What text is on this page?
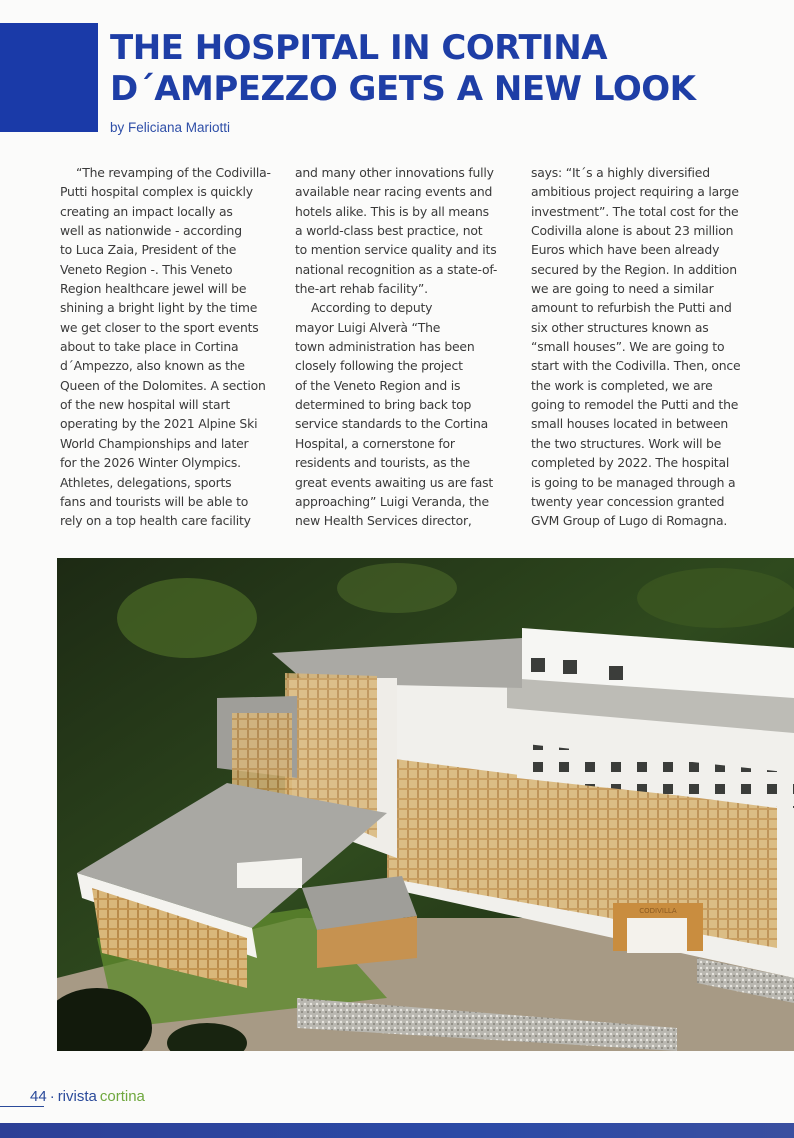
THE HOSPITAL IN CORTINA
D´AMPEZZO GETS A NEW LOOK
by Feliciana Mariotti

“The revamping of the Codivilla-
Putti hospital complex is quickly
creating an impact locally as
well as nationwide - according
to Luca Zaia, President of the
Veneto Region -. This Veneto
Region healthcare jewel will be
shining a bright light by the time
we get closer to the sport events
about to take place in Cortina
d´Ampezzo, also known as the
Queen of the Dolomites. A section
of the new hospital will start
operating by the 2021 Alpine Ski
World Championships and later
for the 2026 Winter Olympics.
Athletes, delegations, sports
fans and tourists will be able to
rely on a top health care facility

and many other innovations fully
available near racing events and
hotels alike. This is by all means
a world-class best practice, not
to mention service quality and its
national recognition as a state-of-
the-art rehab facility”.

According to deputy
mayor Luigi Alverà “The
town administration has been
closely following the project
of the Veneto Region and is
determined to bring back top
service standards to the Cortina
Hospital, a cornerstone for
residents and tourists, as the
great events awaiting us are fast
approaching” Luigi Veranda, the
new Health Services director,

says: “It´s a highly diversified
ambitious project requiring a large
investment”. The total cost for the
Codivilla alone is about 23 million
Euros which have been already
secured by the Region. In addition
we are going to need a similar
amount to refurbish the Putti and
six other structures known as
“small houses”. We are going to
start with the Codivilla. Then, once
the work is completed, we are
going to remodel the Putti and the
small houses located in between
the two structures. Work will be
completed by 2022. The hospital
is going to be managed through a
twenty year concession granted
GVM Group of Lugo di Romagna.

CODIVILLA
44 · rivista cortina
